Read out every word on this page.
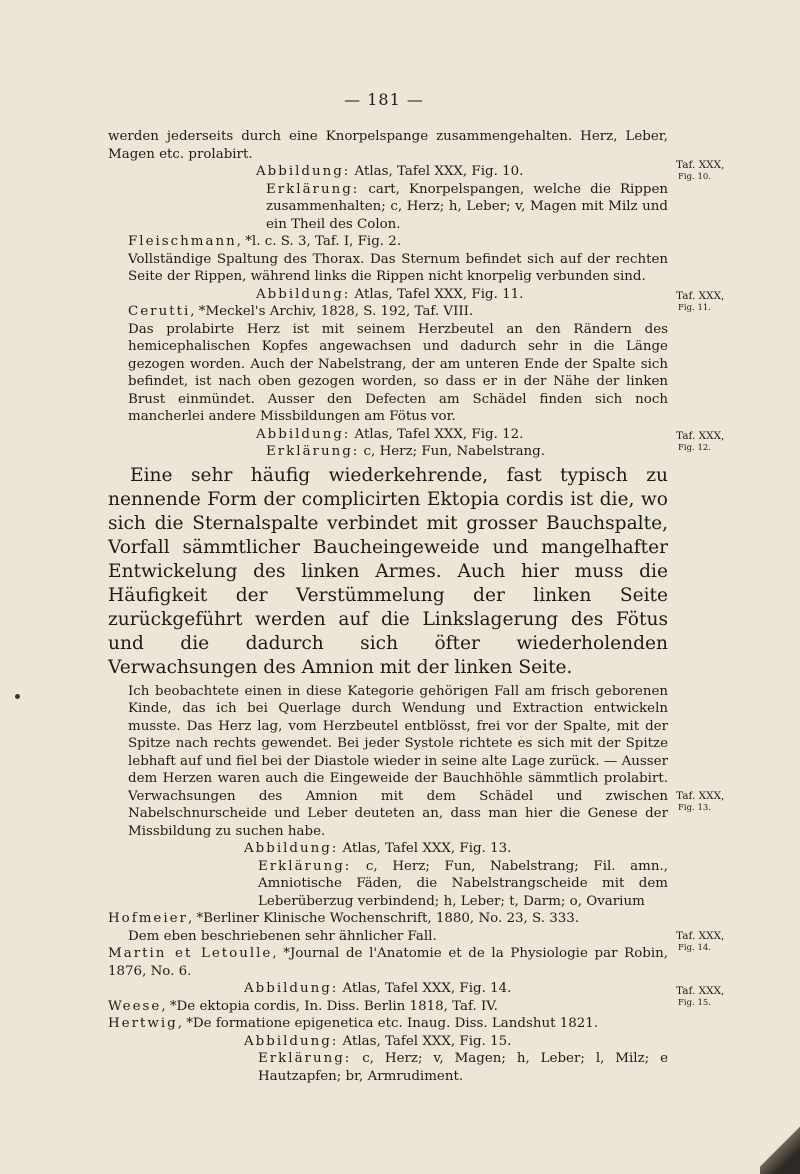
— 181 —

werden jederseits durch eine Knorpelspange zusammengehalten. Herz, Leber, Magen etc. prolabirt.

Abbildung: Atlas, Tafel XXX, Fig. 10.

Erklärung: cart, Knorpelspangen, welche die Rippen zusammenhalten; c, Herz; h, Leber; v, Magen mit Milz und ein Theil des Colon.

Fleischmann, *l. c. S. 3, Taf. I, Fig. 2.

Vollständige Spaltung des Thorax. Das Sternum befindet sich auf der rechten Seite der Rippen, während links die Rippen nicht knorpelig verbunden sind.

Abbildung: Atlas, Tafel XXX, Fig. 11.

Cerutti, *Meckel's Archiv, 1828, S. 192, Taf. VIII.

Das prolabirte Herz ist mit seinem Herzbeutel an den Rändern des hemicephalischen Kopfes angewachsen und dadurch sehr in die Länge gezogen worden. Auch der Nabelstrang, der am unteren Ende der Spalte sich befindet, ist nach oben gezogen worden, so dass er in der Nähe der linken Brust einmündet. Ausser den Defecten am Schädel finden sich noch mancherlei andere Missbildungen am Fötus vor.

Abbildung: Atlas, Tafel XXX, Fig. 12.

Erklärung: c, Herz; Fun, Nabelstrang.

Eine sehr häufig wiederkehrende, fast typisch zu nennende Form der complicirten Ektopia cordis ist die, wo sich die Sternalspalte verbindet mit grosser Bauchspalte, Vorfall sämmtlicher Baucheingeweide und mangelhafter Entwickelung des linken Armes. Auch hier muss die Häufigkeit der Verstümmelung der linken Seite zurückgeführt werden auf die Linkslagerung des Fötus und die dadurch sich öfter wiederholenden Verwachsungen des Amnion mit der linken Seite.

Ich beobachtete einen in diese Kategorie gehörigen Fall am frisch geborenen Kinde, das ich bei Querlage durch Wendung und Extraction entwickeln musste. Das Herz lag, vom Herzbeutel entblösst, frei vor der Spalte, mit der Spitze nach rechts gewendet. Bei jeder Systole richtete es sich mit der Spitze lebhaft auf und fiel bei der Diastole wieder in seine alte Lage zurück. — Ausser dem Herzen waren auch die Eingeweide der Bauchhöhle sämmtlich prolabirt. Verwachsungen des Amnion mit dem Schädel und zwischen Nabelschnurscheide und Leber deuteten an, dass man hier die Genese der Missbildung zu suchen habe.

Abbildung: Atlas, Tafel XXX, Fig. 13.

Erklärung: c, Herz; Fun, Nabelstrang; Fil. amn., Amniotische Fäden, die Nabelstrangscheide mit dem Leberüberzug verbindend; h, Leber; t, Darm; o, Ovarium

Hofmeier, *Berliner Klinische Wochenschrift, 1880, No. 23, S. 333.

Dem eben beschriebenen sehr ähnlicher Fall.

Martin et Letoulle, *Journal de l'Anatomie et de la Physiologie par Robin, 1876, No. 6.

Abbildung: Atlas, Tafel XXX, Fig. 14.

Weese, *De ektopia cordis, In. Diss. Berlin 1818, Taf. IV.

Hertwig, *De formatione epigenetica etc. Inaug. Diss. Landshut 1821.

Abbildung: Atlas, Tafel XXX, Fig. 15.

Erklärung: c, Herz; v, Magen; h, Leber; l, Milz; e Hautzapfen; br, Armrudiment.

Taf. XXX,
Fig. 10.
Taf. XXX,
Fig. 11.
Taf. XXX,
Fig. 12.
Taf. XXX,
Fig. 13.
Taf. XXX,
Fig. 14.
Taf. XXX,
Fig. 15.
